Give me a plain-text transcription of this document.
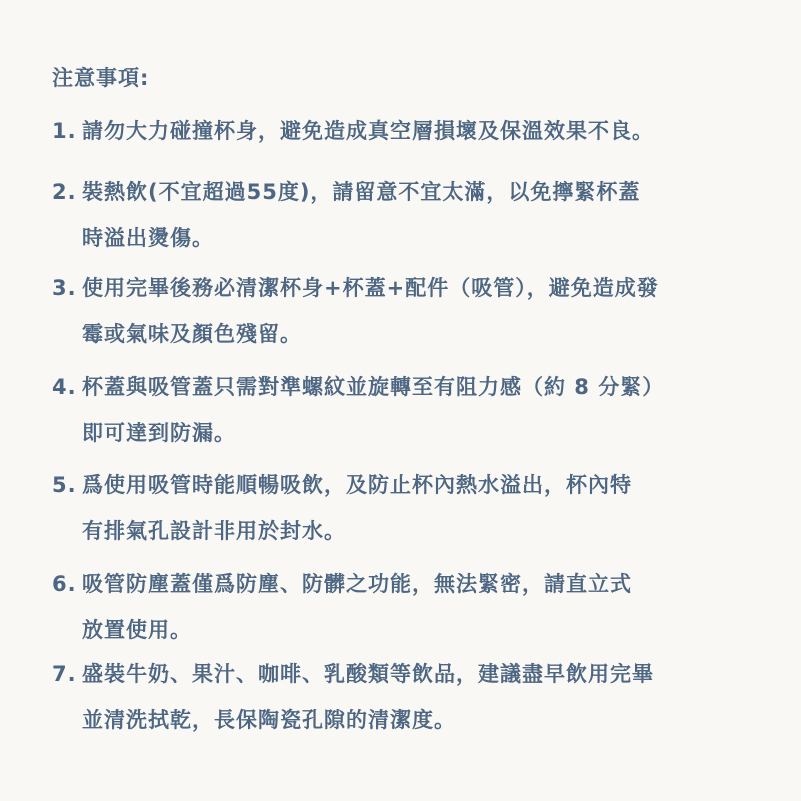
注意事項:
1. 請勿大力碰撞杯身，避免造成真空層損壞及保溫效果不良。
2. 裝熱飲(不宜超過55度)，請留意不宜太滿，以免擰緊杯蓋
時溢出燙傷。
3. 使用完畢後務必清潔杯身+杯蓋+配件（吸管），避免造成發
霉或氣味及顏色殘留。
4. 杯蓋與吸管蓋只需對準螺紋並旋轉至有阻力感（約 8 分緊）
即可達到防漏。
5. 爲使用吸管時能順暢吸飲，及防止杯內熱水溢出，杯內特
有排氣孔設計非用於封水。
6. 吸管防塵蓋僅爲防塵、防髒之功能，無法緊密，請直立式
放置使用。
7. 盛裝牛奶、果汁、咖啡、乳酸類等飲品，建議盡早飲用完畢
並清洗拭乾，長保陶瓷孔隙的清潔度。
